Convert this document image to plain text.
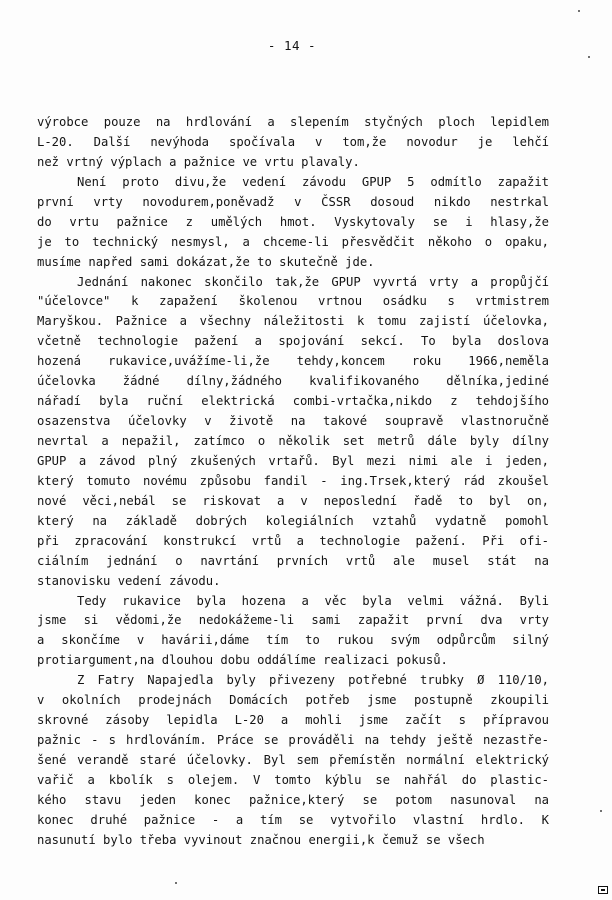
- 14 -
výrobce pouze na hrdlování a slepením styčných ploch lepidlem
L-20. Další nevýhoda spočívala v tom,že novodur je lehčí
než vrtný výplach a pažnice ve vrtu plavaly.
Není proto divu,že vedení závodu GPUP 5 odmítlo zapažit
první vrty novodurem,poněvadž v ČSSR dosoud nikdo nestrkal
do vrtu pažnice z umělých hmot. Vyskytovaly se i hlasy,že
je to technický nesmysl, a chceme-li přesvědčit někoho o opaku,
musíme napřed sami dokázat,že to skutečně jde.
Jednání nakonec skončilo tak,že GPUP vyvrtá vrty a propůjčí
"účelovce" k zapažení školenou vrtnou osádku s vrtmistrem
Maryškou. Pažnice a všechny náležitosti k tomu zajistí účelovka,
včetně technologie pažení a spojování sekcí. To byla doslova
hozená rukavice,uvážíme-li,že tehdy,koncem roku 1966,neměla
účelovka žádné dílny,žádného kvalifikovaného dělníka,jediné
nářadí byla ruční elektrická combi-vrtačka,nikdo z tehdojšího
osazenstva účelovky v životě na takové soupravě vlastnoručně
nevrtal a nepažil, zatímco o několik set metrů dále byly dílny
GPUP a závod plný zkušených vrtařů. Byl mezi nimi ale i jeden,
který tomuto novému způsobu fandil - ing.Trsek,který rád zkoušel
nové věci,nebál se riskovat a v neposlední řadě to byl on,
který na základě dobrých kolegiálních vztahů vydatně pomohl
při zpracování konstrukcí vrtů a technologie pažení. Při ofi-
ciálním jednání o navrtání prvních vrtů ale musel stát na
stanovisku vedení závodu.
Tedy rukavice byla hozena a věc byla velmi vážná. Byli
jsme si vědomi,že nedokážeme-li sami zapažit první dva vrty
a skončíme v havárii,dáme tím to rukou svým odpůrcům silný
protiargument,na dlouhou dobu oddálíme realizaci pokusů.
Z Fatry Napajedla byly přivezeny potřebné trubky Ø 110/10,
v okolních prodejnách Domácích potřeb jsme postupně zkoupili
skrovné zásoby lepidla L-20 a mohli jsme začít s přípravou
pažnic - s hrdlováním. Práce se prováděli na tehdy ještě nezastře-
šené verandě staré účelovky. Byl sem přemístěn normální elektrický
vařič a kbolík s olejem. V tomto kýblu se nahřál do plastic-
kého stavu jeden konec pažnice,který se potom nasunoval na
konec druhé pažnice - a tím se vytvořilo vlastní hrdlo. K
nasunutí bylo třeba vyvinout značnou energii,k čemuž se všech
